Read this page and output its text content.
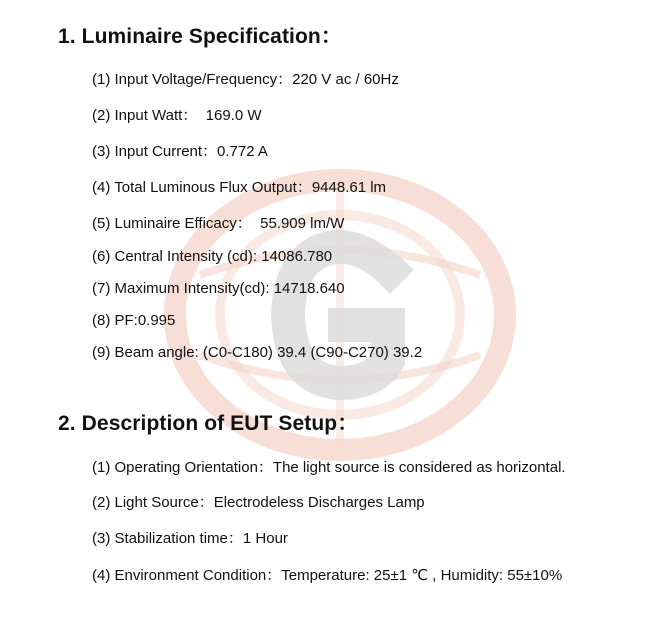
1. Luminaire Specification：

(1) Input Voltage/Frequency：220 V ac / 60Hz

(2) Input Watt：  169.0 W

(3) Input Current：0.772 A

(4) Total Luminous Flux Output：9448.61 lm

(5) Luminaire Efficacy：  55.909 lm/W

(6) Central Intensity (cd): 14086.780

(7) Maximum Intensity(cd): 14718.640

(8) PF:0.995

(9) Beam angle: (C0-C180) 39.4 (C90-C270) 39.2

2. Description of EUT Setup：

(1) Operating Orientation：The light source is considered as horizontal.

(2) Light Source：Electrodeless Discharges Lamp

(3) Stabilization time：1 Hour

(4) Environment Condition：Temperature: 25±1 ℃ , Humidity: 55±10%
